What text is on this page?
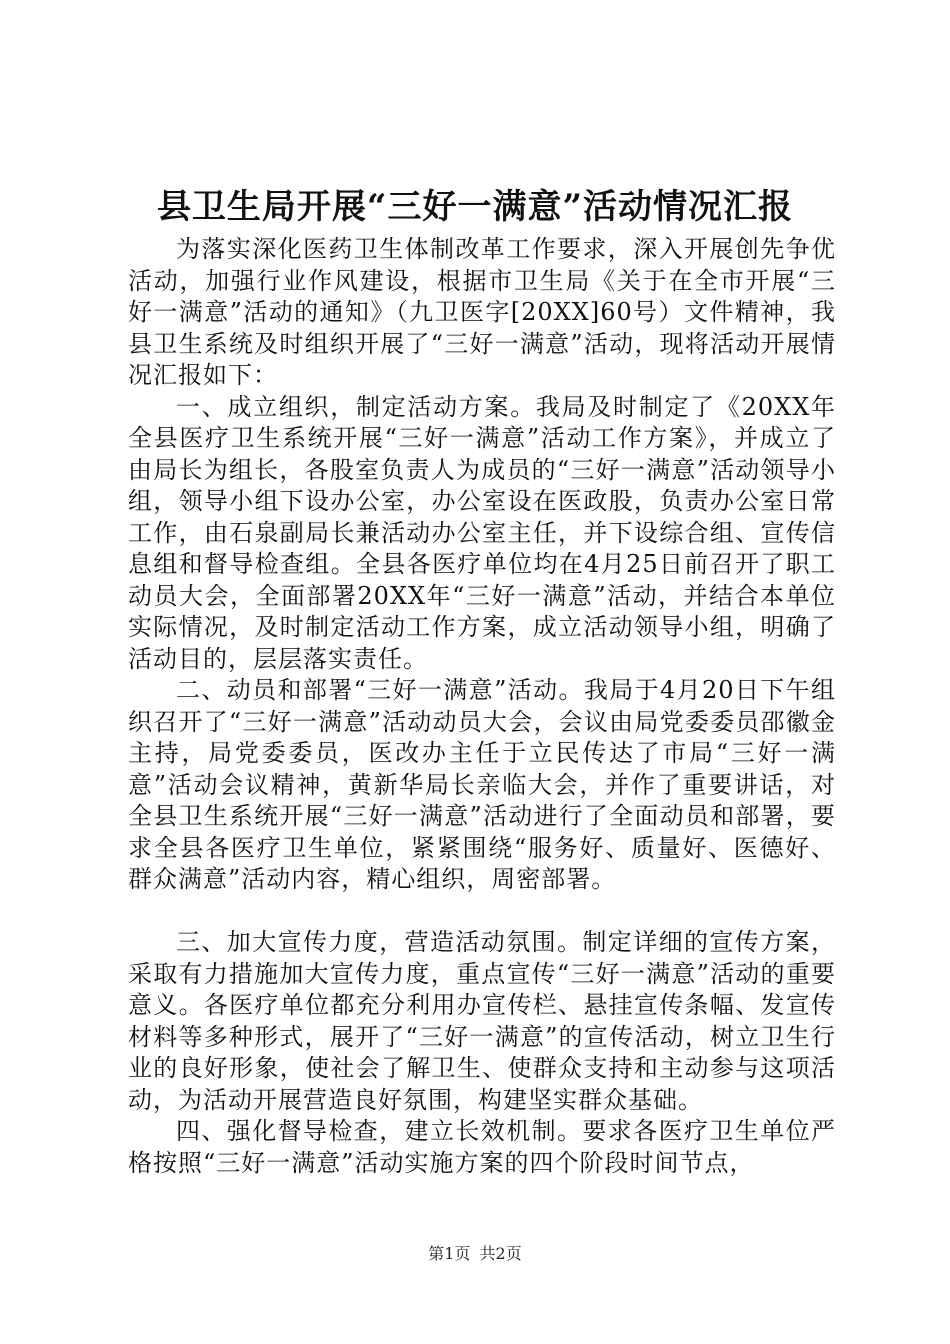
县卫生局开展“三好一满意”活动情况汇报

为落实深化医药卫生体制改革工作要求，深入开展创先争优活动，加强行业作风建设，根据市卫生局《关于在全市开展“三好一满意”活动的通知》（九卫医字[20XX]60号）文件精神，我县卫生系统及时组织开展了“三好一满意”活动，现将活动开展情况汇报如下：

一、成立组织，制定活动方案。我局及时制定了《20XX年全县医疗卫生系统开展“三好一满意”活动工作方案》，并成立了由局长为组长，各股室负责人为成员的“三好一满意”活动领导小组，领导小组下设办公室，办公室设在医政股，负责办公室日常工作，由石泉副局长兼活动办公室主任，并下设综合组、宣传信息组和督导检查组。全县各医疗单位均在4月25日前召开了职工动员大会，全面部署20XX年“三好一满意”活动，并结合本单位实际情况，及时制定活动工作方案，成立活动领导小组，明确了活动目的，层层落实责任。

二、动员和部署“三好一满意”活动。我局于4月20日下午组织召开了“三好一满意”活动动员大会，会议由局党委委员邵徽金主持，局党委委员，医改办主任于立民传达了市局“三好一满意”活动会议精神，黄新华局长亲临大会，并作了重要讲话，对全县卫生系统开展“三好一满意”活动进行了全面动员和部署，要求全县各医疗卫生单位，紧紧围绕“服务好、质量好、医德好、群众满意”活动内容，精心组织，周密部署。

三、加大宣传力度，营造活动氛围。制定详细的宣传方案，采取有力措施加大宣传力度，重点宣传“三好一满意”活动的重要意义。各医疗单位都充分利用办宣传栏、悬挂宣传条幅、发宣传材料等多种形式，展开了“三好一满意”的宣传活动，树立卫生行业的良好形象，使社会了解卫生、使群众支持和主动参与这项活动，为活动开展营造良好氛围，构建坚实群众基础。

四、强化督导检查，建立长效机制。要求各医疗卫生单位严格按照“三好一满意”活动实施方案的四个阶段时间节点，

第1页 共2页
